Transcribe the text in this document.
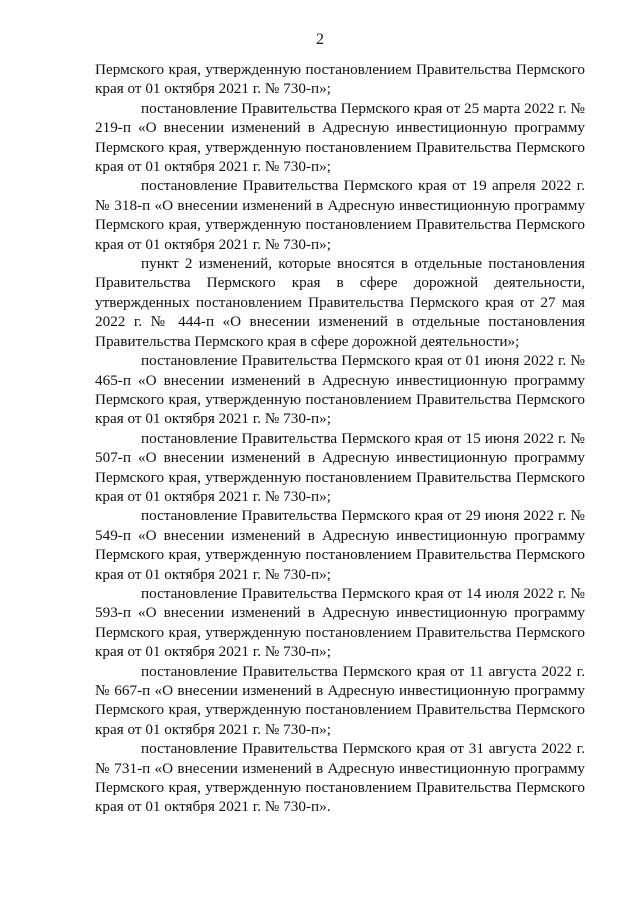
2

Пермского края, утвержденную постановлением Правительства Пермского края от 01 октября 2021 г. № 730-п»;

постановление Правительства Пермского края от 25 марта 2022 г. № 219-п «О внесении изменений в Адресную инвестиционную программу Пермского края, утвержденную постановлением Правительства Пермского края от 01 октября 2021 г. № 730-п»;

постановление Правительства Пермского края от 19 апреля 2022 г. № 318-п «О внесении изменений в Адресную инвестиционную программу Пермского края, утвержденную постановлением Правительства Пермского края от 01 октября 2021 г. № 730-п»;

пункт 2 изменений, которые вносятся в отдельные постановления Правительства Пермского края в сфере дорожной деятельности, утвержденных постановлением Правительства Пермского края от 27 мая 2022 г. № 444-п «О внесении изменений в отдельные постановления Правительства Пермского края в сфере дорожной деятельности»;

постановление Правительства Пермского края от 01 июня 2022 г. № 465-п «О внесении изменений в Адресную инвестиционную программу Пермского края, утвержденную постановлением Правительства Пермского края от 01 октября 2021 г. № 730-п»;

постановление Правительства Пермского края от 15 июня 2022 г. № 507-п «О внесении изменений в Адресную инвестиционную программу Пермского края, утвержденную постановлением Правительства Пермского края от 01 октября 2021 г. № 730-п»;

постановление Правительства Пермского края от 29 июня 2022 г. № 549-п «О внесении изменений в Адресную инвестиционную программу Пермского края, утвержденную постановлением Правительства Пермского края от 01 октября 2021 г. № 730-п»;

постановление Правительства Пермского края от 14 июля 2022 г. № 593-п «О внесении изменений в Адресную инвестиционную программу Пермского края, утвержденную постановлением Правительства Пермского края от 01 октября 2021 г. № 730-п»;

постановление Правительства Пермского края от 11 августа 2022 г. № 667-п «О внесении изменений в Адресную инвестиционную программу Пермского края, утвержденную постановлением Правительства Пермского края от 01 октября 2021 г. № 730-п»;

постановление Правительства Пермского края от 31 августа 2022 г. № 731-п «О внесении изменений в Адресную инвестиционную программу Пермского края, утвержденную постановлением Правительства Пермского края от 01 октября 2021 г. № 730-п».
